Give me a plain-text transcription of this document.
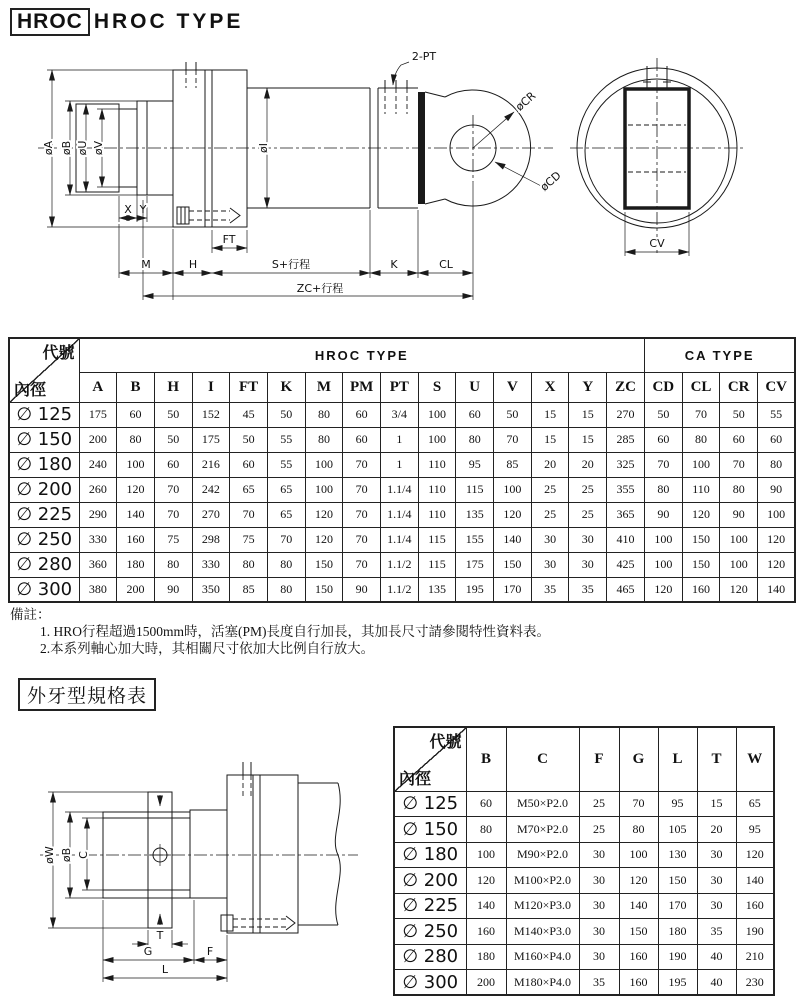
HROC HROC TYPE
2-PT
øA øB øU øV	øI
øCR
øCD
X Y
FT
M	H	S+行程	K	CL
ZC+行程
CV
øW øB C
T
G	F
L
代號
內徑	HROC TYPE															CA TYPE			
	A	B	H	I	FT	K	M	PM	PT	S	U	V	X	Y	ZC	CD	CL	CR	CV
∅ 125	175	60	50	152	45	50	80	60	3/4	100	60	50	15	15	270	50	70	50	55
∅ 150	200	80	50	175	50	55	80	60	1	100	80	70	15	15	285	60	80	60	60
∅ 180	240	100	60	216	60	55	100	70	1	110	95	85	20	20	325	70	100	70	80
∅ 200	260	120	70	242	65	65	100	70	1.1/4	110	115	100	25	25	355	80	110	80	90
∅ 225	290	140	70	270	70	65	120	70	1.1/4	110	135	120	25	25	365	90	120	90	100
∅ 250	330	160	75	298	75	70	120	70	1.1/4	115	155	140	30	30	410	100	150	100	120
∅ 280	360	180	80	330	80	80	150	70	1.1/2	115	175	150	30	30	425	100	150	100	120
∅ 300	380	200	90	350	85	80	150	90	1.1/2	135	195	170	35	35	465	120	160	120	140

備註：

1. HRO行程超過1500mm時，活塞(PM)長度自行加長，其加長尺寸請參閱特性資料表。

2.本系列軸心加大時，其相關尺寸依加大比例自行放大。

外牙型規格表
代號
內徑	B	C	F	G	L	T	W
∅ 125	60	M50×P2.0	25	70	95	15	65
∅ 150	80	M70×P2.0	25	80	105	20	95
∅ 180	100	M90×P2.0	30	100	130	30	120
∅ 200	120	M100×P2.0	30	120	150	30	140
∅ 225	140	M120×P3.0	30	140	170	30	160
∅ 250	160	M140×P3.0	30	150	180	35	190
∅ 280	180	M160×P4.0	30	160	190	40	210
∅ 300	200	M180×P4.0	35	160	195	40	230
